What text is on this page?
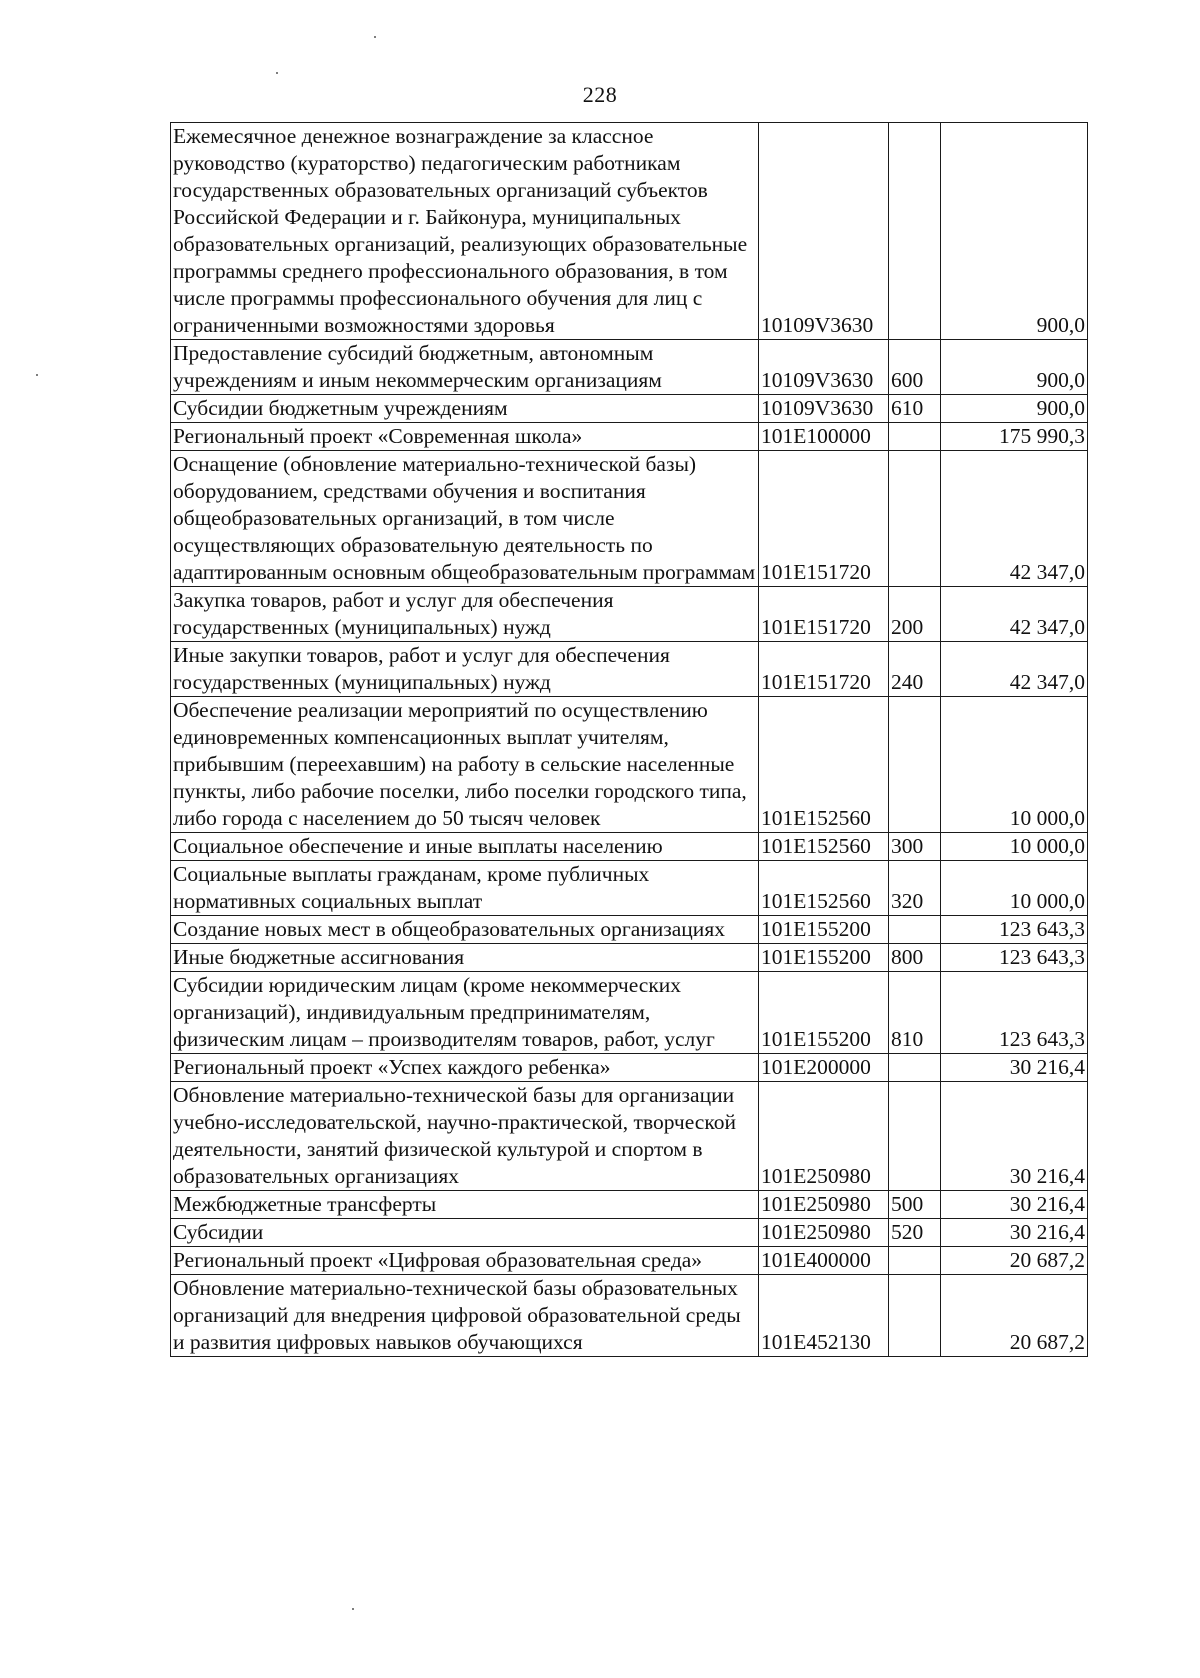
228
Ежемесячное денежное вознаграждение за классное руководство (кураторство) педагогическим работникам государственных образовательных организаций субъектов Российской Федерации и г. Байконура, муниципальных образовательных организаций, реализующих образовательные программы среднего профессионального образования, в том числе программы профессионального обучения для лиц с ограниченными возможностями здоровья	10109V3630		900,0
Предоставление субсидий бюджетным, автономным учреждениям и иным некоммерческим организациям	10109V3630	600	900,0
Субсидии бюджетным учреждениям	10109V3630	610	900,0
Региональный проект «Современная школа»	101E100000		175 990,3
Оснащение (обновление материально-технической базы) оборудованием, средствами обучения и воспитания общеобразовательных организаций, в том числе осуществляющих образовательную деятельность по адаптированным основным общеобразовательным программам	101E151720		42 347,0
Закупка товаров, работ и услуг для обеспечения государственных (муниципальных) нужд	101E151720	200	42 347,0
Иные закупки товаров, работ и услуг для обеспечения государственных (муниципальных) нужд	101E151720	240	42 347,0
Обеспечение реализации мероприятий по осуществлению единовременных компенсационных выплат учителям, прибывшим (переехавшим) на работу в сельские населенные пункты, либо рабочие поселки, либо поселки городского типа, либо города с населением до 50 тысяч человек	101E152560		10 000,0
Социальное обеспечение и иные выплаты населению	101E152560	300	10 000,0
Социальные выплаты гражданам, кроме публичных нормативных социальных выплат	101E152560	320	10 000,0
Создание новых мест в общеобразовательных организациях	101E155200		123 643,3
Иные бюджетные ассигнования	101E155200	800	123 643,3
Субсидии юридическим лицам (кроме некоммерческих организаций), индивидуальным предпринимателям, физическим лицам – производителям товаров, работ, услуг	101E155200	810	123 643,3
Региональный проект «Успех каждого ребенка»	101E200000		30 216,4
Обновление материально-технической базы для организации учебно-исследовательской, научно-практической, творческой деятельности, занятий физической культурой и спортом в образовательных организациях	101E250980		30 216,4
Межбюджетные трансферты	101E250980	500	30 216,4
Субсидии	101E250980	520	30 216,4
Региональный проект «Цифровая образовательная среда»	101E400000		20 687,2
Обновление материально-технической базы образовательных организаций для внедрения цифровой образовательной среды и развития цифровых навыков обучающихся	101E452130		20 687,2
